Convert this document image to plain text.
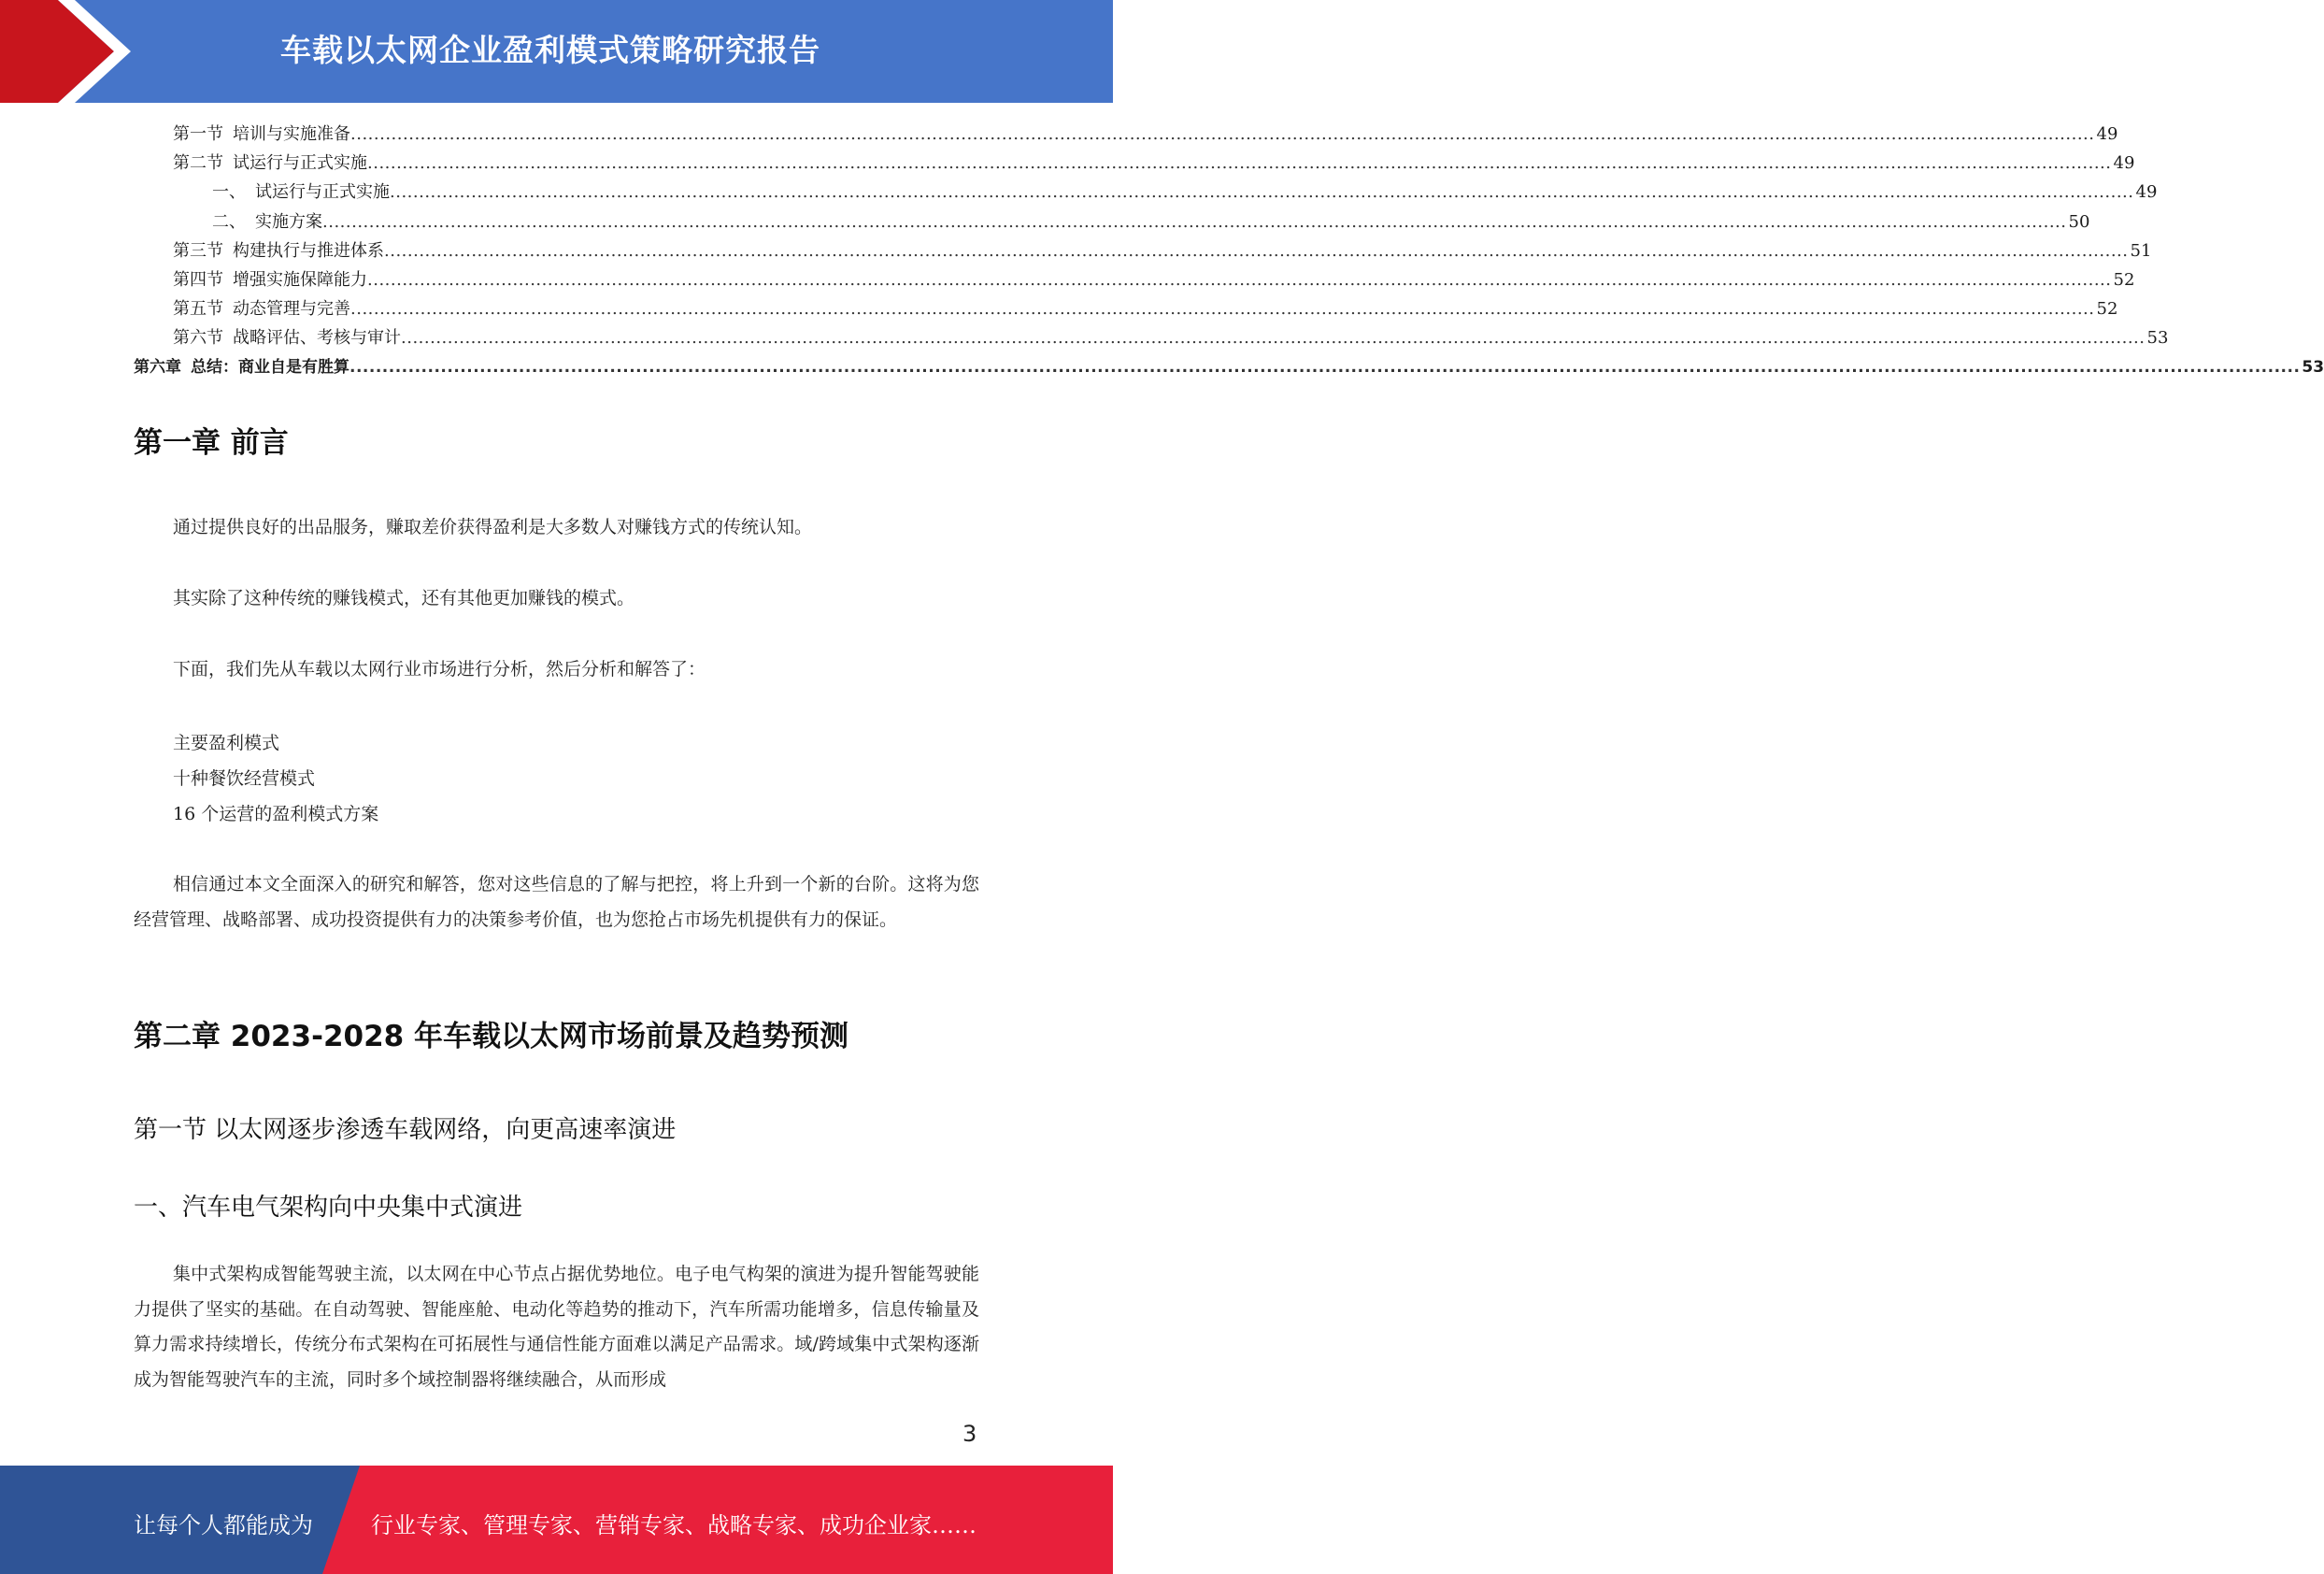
车载以太网企业盈利模式策略研究报告
第一节 培训与实施准备 ............................................................................................................................................................................................................................................................................................................ 49
第二节 试运行与正式实施 ............................................................................................................................................................................................................................................................................................................ 49
一、 试运行与正式实施 ............................................................................................................................................................................................................................................................................................................ 49
二、 实施方案 ............................................................................................................................................................................................................................................................................................................ 50
第三节 构建执行与推进体系 ............................................................................................................................................................................................................................................................................................................ 51
第四节 增强实施保障能力 ............................................................................................................................................................................................................................................................................................................ 52
第五节 动态管理与完善 ............................................................................................................................................................................................................................................................................................................ 52
第六节 战略评估、考核与审计 ............................................................................................................................................................................................................................................................................................................ 53
第六章 总结：商业自是有胜算 ............................................................................................................................................................................................................................................................................................................ 53
第一章 前言
通过提供良好的出品服务，赚取差价获得盈利是大多数人对赚钱方式的传统认知。
其实除了这种传统的赚钱模式，还有其他更加赚钱的模式。
下面，我们先从车载以太网行业市场进行分析，然后分析和解答了：
主要盈利模式
十种餐饮经营模式
16 个运营的盈利模式方案
相信通过本文全面深入的研究和解答，您对这些信息的了解与把控，将上升到一个新的台阶。这将为您经营管理、战略部署、成功投资提供有力的决策参考价值，也为您抢占市场先机提供有力的保证。
第二章 2023-2028 年车载以太网市场前景及趋势预测
第一节 以太网逐步渗透车载网络，向更高速率演进
一、汽车电气架构向中央集中式演进
集中式架构成智能驾驶主流，以太网在中心节点占据优势地位。电子电气构架的演进为提升智能驾驶能力提供了坚实的基础。在自动驾驶、智能座舱、电动化等趋势的推动下，汽车所需功能增多，信息传输量及算力需求持续增长，传统分布式架构在可拓展性与通信性能方面难以满足产品需求。域/跨域集中式架构逐渐成为智能驾驶汽车的主流，同时多个域控制器将继续融合，从而形成
3
让每个人都能成为	行业专家、管理专家、营销专家、战略专家、成功企业家……
